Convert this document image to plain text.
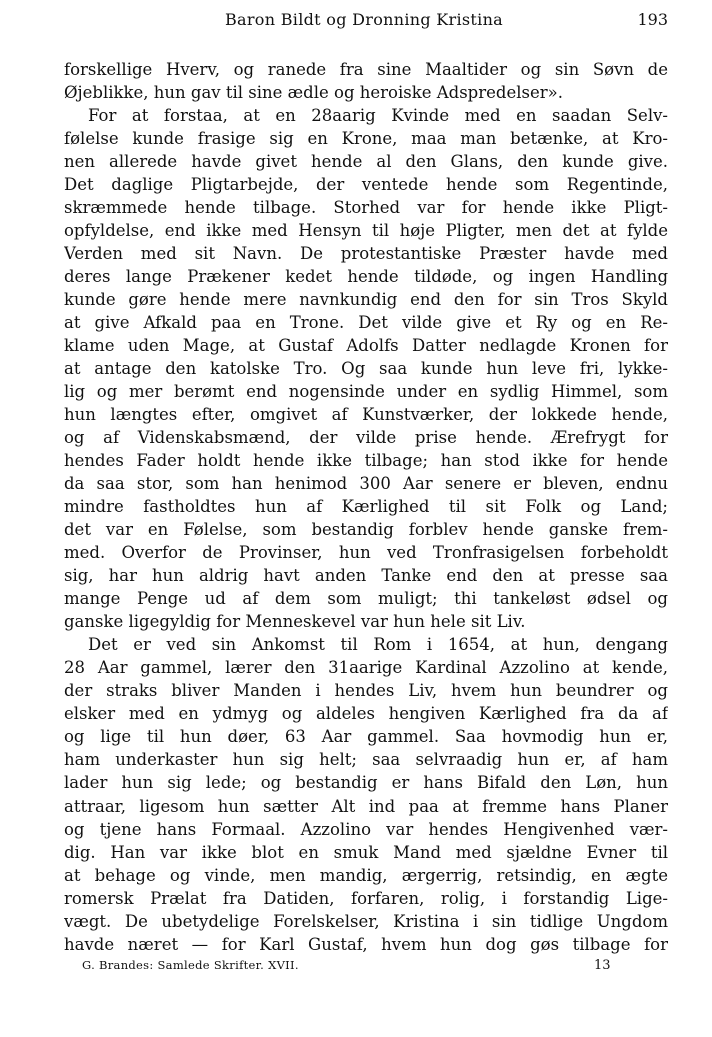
Baron Bildt og Dronning Kristina	193
forskellige Hverv, og ranede fra sine Maaltider og sin Søvn de
Øjeblikke, hun gav til sine ædle og heroiske Adspredelser».
For at forstaa, at en 28aarig Kvinde med en saadan Selv-
følelse kunde frasige sig en Krone, maa man betænke, at Kro-
nen allerede havde givet hende al den Glans, den kunde give.
Det daglige Pligtarbejde, der ventede hende som Regentinde,
skræmmede hende tilbage. Storhed var for hende ikke Pligt-
opfyldelse, end ikke med Hensyn til høje Pligter, men det at fylde
Verden med sit Navn. De protestantiske Præster havde med
deres lange Prækener kedet hende tildøde, og ingen Handling
kunde gøre hende mere navnkundig end den for sin Tros Skyld
at give Afkald paa en Trone. Det vilde give et Ry og en Re-
klame uden Mage, at Gustaf Adolfs Datter nedlagde Kronen for
at antage den katolske Tro. Og saa kunde hun leve fri, lykke-
lig og mer berømt end nogensinde under en sydlig Himmel, som
hun længtes efter, omgivet af Kunstværker, der lokkede hende,
og af Videnskabsmænd, der vilde prise hende. Ærefrygt for
hendes Fader holdt hende ikke tilbage; han stod ikke for hende
da saa stor, som han henimod 300 Aar senere er bleven, endnu
mindre fastholdtes hun af Kærlighed til sit Folk og Land;
det var en Følelse, som bestandig forblev hende ganske frem-
med. Overfor de Provinser, hun ved Tronfrasigelsen forbeholdt
sig, har hun aldrig havt anden Tanke end den at presse saa
mange Penge ud af dem som muligt; thi tankeløst ødsel og
ganske ligegyldig for Menneskevel var hun hele sit Liv.
Det er ved sin Ankomst til Rom i 1654, at hun, dengang
28 Aar gammel, lærer den 31aarige Kardinal Azzolino at kende,
der straks bliver Manden i hendes Liv, hvem hun beundrer og
elsker med en ydmyg og aldeles hengiven Kærlighed fra da af
og lige til hun døer, 63 Aar gammel. Saa hovmodig hun er,
ham underkaster hun sig helt; saa selvraadig hun er, af ham
lader hun sig lede; og bestandig er hans Bifald den Løn, hun
attraar, ligesom hun sætter Alt ind paa at fremme hans Planer
og tjene hans Formaal. Azzolino var hendes Hengivenhed vær-
dig. Han var ikke blot en smuk Mand med sjældne Evner til
at behage og vinde, men mandig, ærgerrig, retsindig, en ægte
romersk Prælat fra Datiden, forfaren, rolig, i forstandig Lige-
vægt. De ubetydelige Forelskelser, Kristina i sin tidlige Ungdom
havde næret — for Karl Gustaf, hvem hun dog gøs tilbage for
G. Brandes: Samlede Skrifter. XVII.	13
